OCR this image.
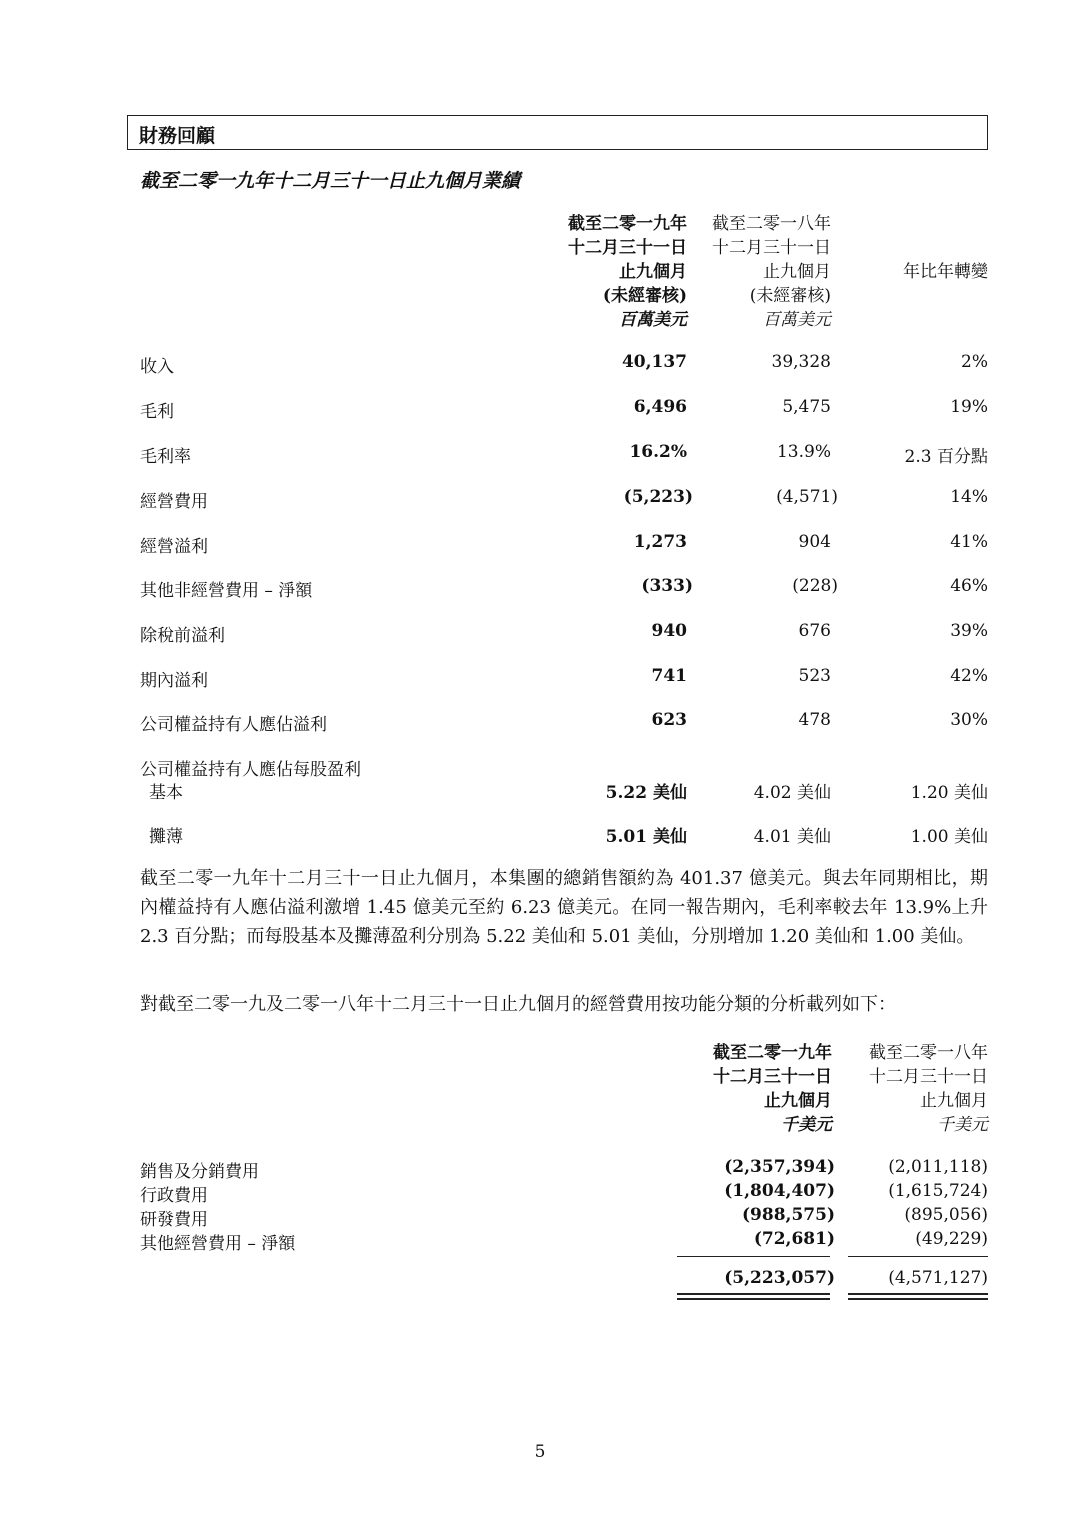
財務回顧
截至二零一九年十二月三十一日止九個月業績
截至二零一九年
十二月三十一日
止九個月
(未經審核)
百萬美元
截至二零一八年
十二月三十一日
止九個月
(未經審核)
百萬美元
年比年轉變
收入	40,137	39,328	2%
毛利	6,496	5,475	19%
毛利率	16.2%	13.9%	2.3 百分點
經營費用	(5,223)	(4,571)	14%
經營溢利	1,273	904	41%
其他非經營費用 – 淨額	(333)	(228)	46%
除稅前溢利	940	676	39%
期內溢利	741	523	42%
公司權益持有人應佔溢利	623	478	30%
公司權益持有人應佔每股盈利
基本	5.22 美仙	4.02 美仙	1.20 美仙
攤薄	5.01 美仙	4.01 美仙	1.00 美仙
截至二零一九年十二月三十一日止九個月，本集團的總銷售額約為 401.37 億美元。與去年同期相比，期內權益持有人應佔溢利激增 1.45 億美元至約 6.23 億美元。在同一報告期內，毛利率較去年 13.9%上升 2.3 百分點；而每股基本及攤薄盈利分別為 5.22 美仙和 5.01 美仙，分別增加 1.20 美仙和 1.00 美仙。
對截至二零一九及二零一八年十二月三十一日止九個月的經營費用按功能分類的分析載列如下：
截至二零一九年
十二月三十一日
止九個月
千美元
截至二零一八年
十二月三十一日
止九個月
千美元
銷售及分銷費用	(2,357,394)	(2,011,118)
行政費用	(1,804,407)	(1,615,724)
研發費用	(988,575)	(895,056)
其他經營費用 – 淨額	(72,681)	(49,229)
(5,223,057)	(4,571,127)
5
